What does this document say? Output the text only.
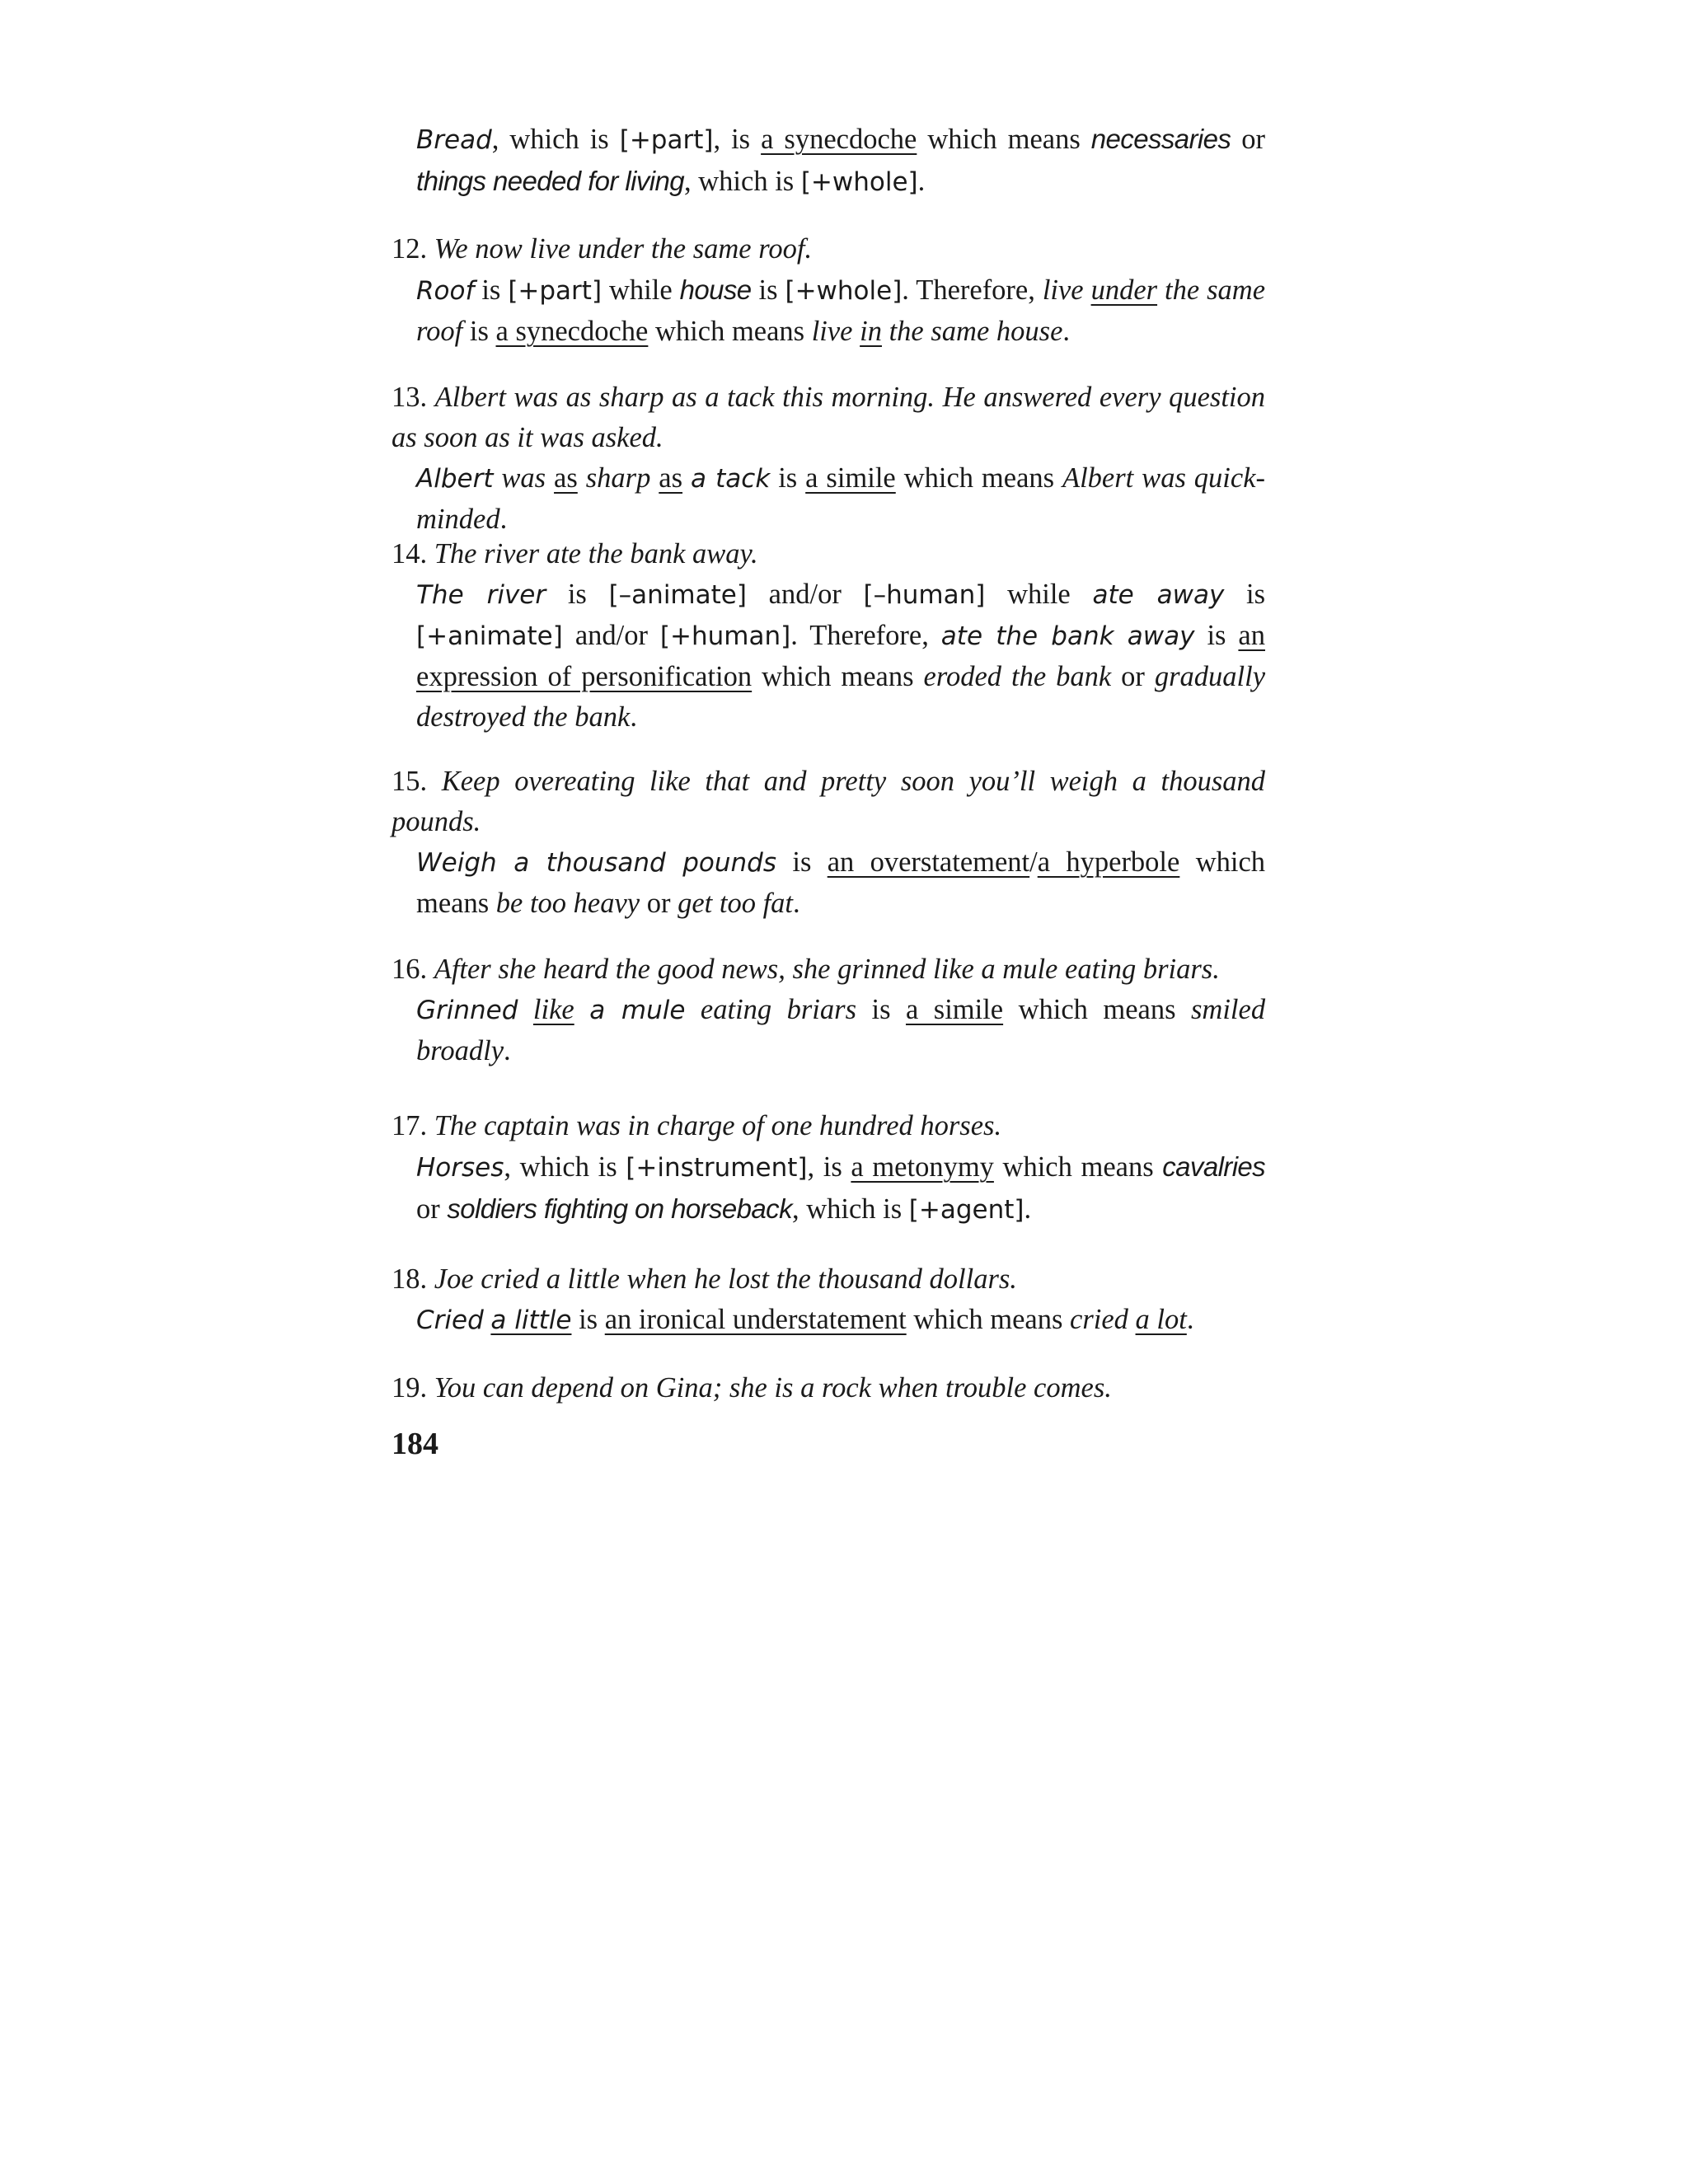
Bread, which is [+part], is a synecdoche which means necessaries or things needed for living, which is [+whole].

12. We now live under the same roof.

Roof is [+part] while house is [+whole]. Therefore, live under the same roof is a synecdoche which means live in the same house.

13. Albert was as sharp as a tack this morning. He answered every question as soon as it was asked.

Albert was as sharp as a tack is a simile which means Albert was quick-minded.

14. The river ate the bank away.

The river is [–animate] and/or [–human] while ate away is [+animate] and/or [+human]. Therefore, ate the bank away is an expression of personification which means eroded the bank or gradually destroyed the bank.

15. Keep overeating like that and pretty soon you’ll weigh a thousand pounds.

Weigh a thousand pounds is an overstatement/a hyperbole which means be too heavy or get too fat.

16. After she heard the good news, she grinned like a mule eating briars.

Grinned like a mule eating briars is a simile which means smiled broadly.

17. The captain was in charge of one hundred horses.

Horses, which is [+instrument], is a metonymy which means cavalries or soldiers fighting on horseback, which is [+agent].

18. Joe cried a little when he lost the thousand dollars.

Cried a little is an ironical understatement which means cried a lot.

19. You can depend on Gina; she is a rock when trouble comes.

184
